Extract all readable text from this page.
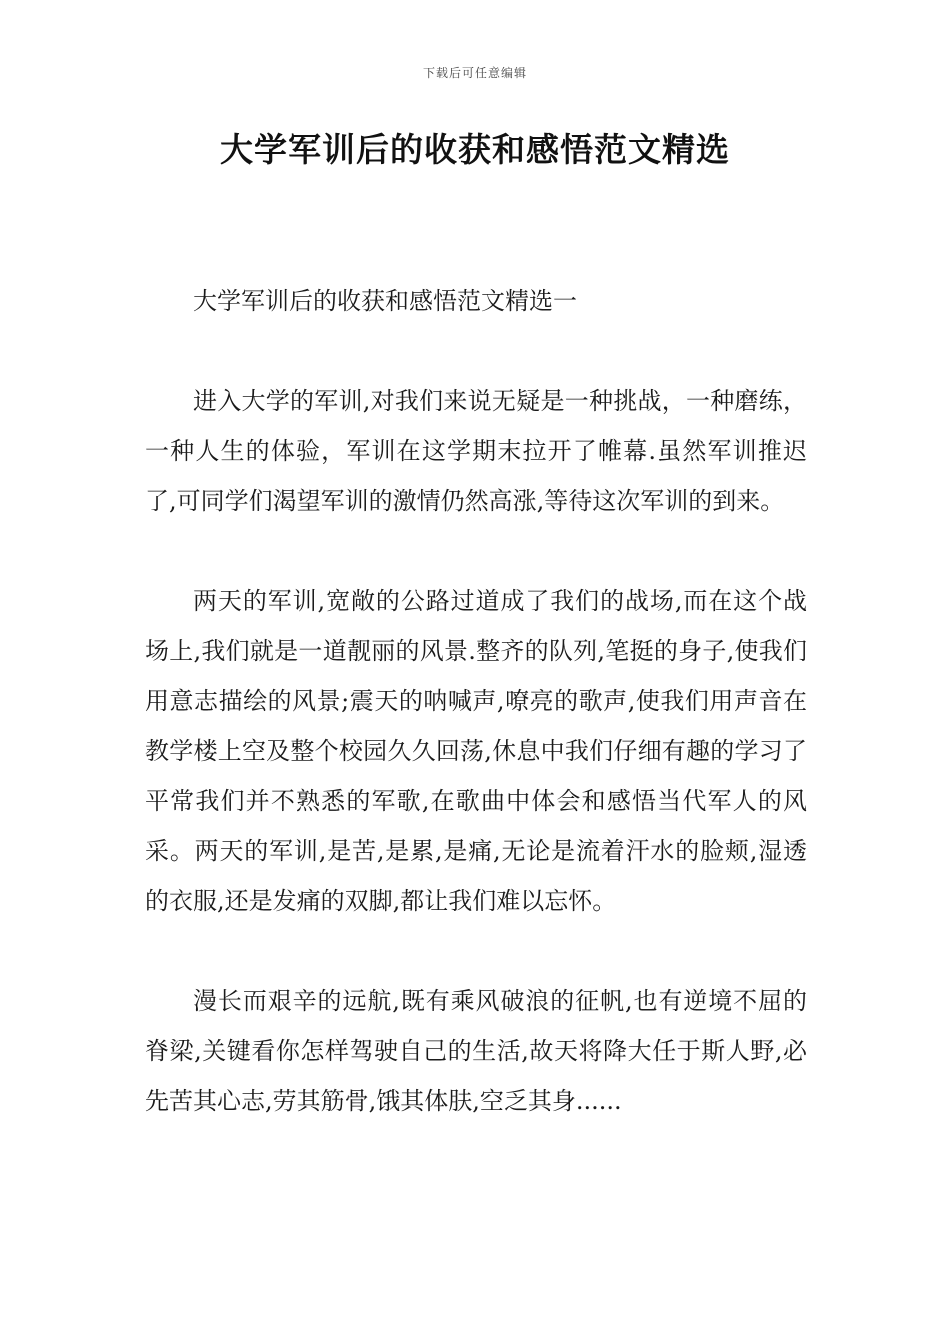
下载后可任意编辑
大学军训后的收获和感悟范文精选

大学军训后的收获和感悟范文精选一

进入大学的军训,对我们来说无疑是一种挑战，一种磨练，一种人生的体验，军训在这学期末拉开了帷幕.虽然军训推迟了,可同学们渴望军训的激情仍然高涨,等待这次军训的到来。

两天的军训,宽敞的公路过道成了我们的战场,而在这个战场上,我们就是一道靓丽的风景.整齐的队列,笔挺的身子,使我们用意志描绘的风景;震天的呐喊声,嘹亮的歌声,使我们用声音在教学楼上空及整个校园久久回荡,休息中我们仔细有趣的学习了平常我们并不熟悉的军歌,在歌曲中体会和感悟当代军人的风采。两天的军训,是苦,是累,是痛,无论是流着汗水的脸颊,湿透的衣服,还是发痛的双脚,都让我们难以忘怀。

漫长而艰辛的远航,既有乘风破浪的征帆,也有逆境不屈的脊梁,关键看你怎样驾驶自己的生活,故天将降大任于斯人野,必先苦其心志,劳其筋骨,饿其体肤,空乏其身......
